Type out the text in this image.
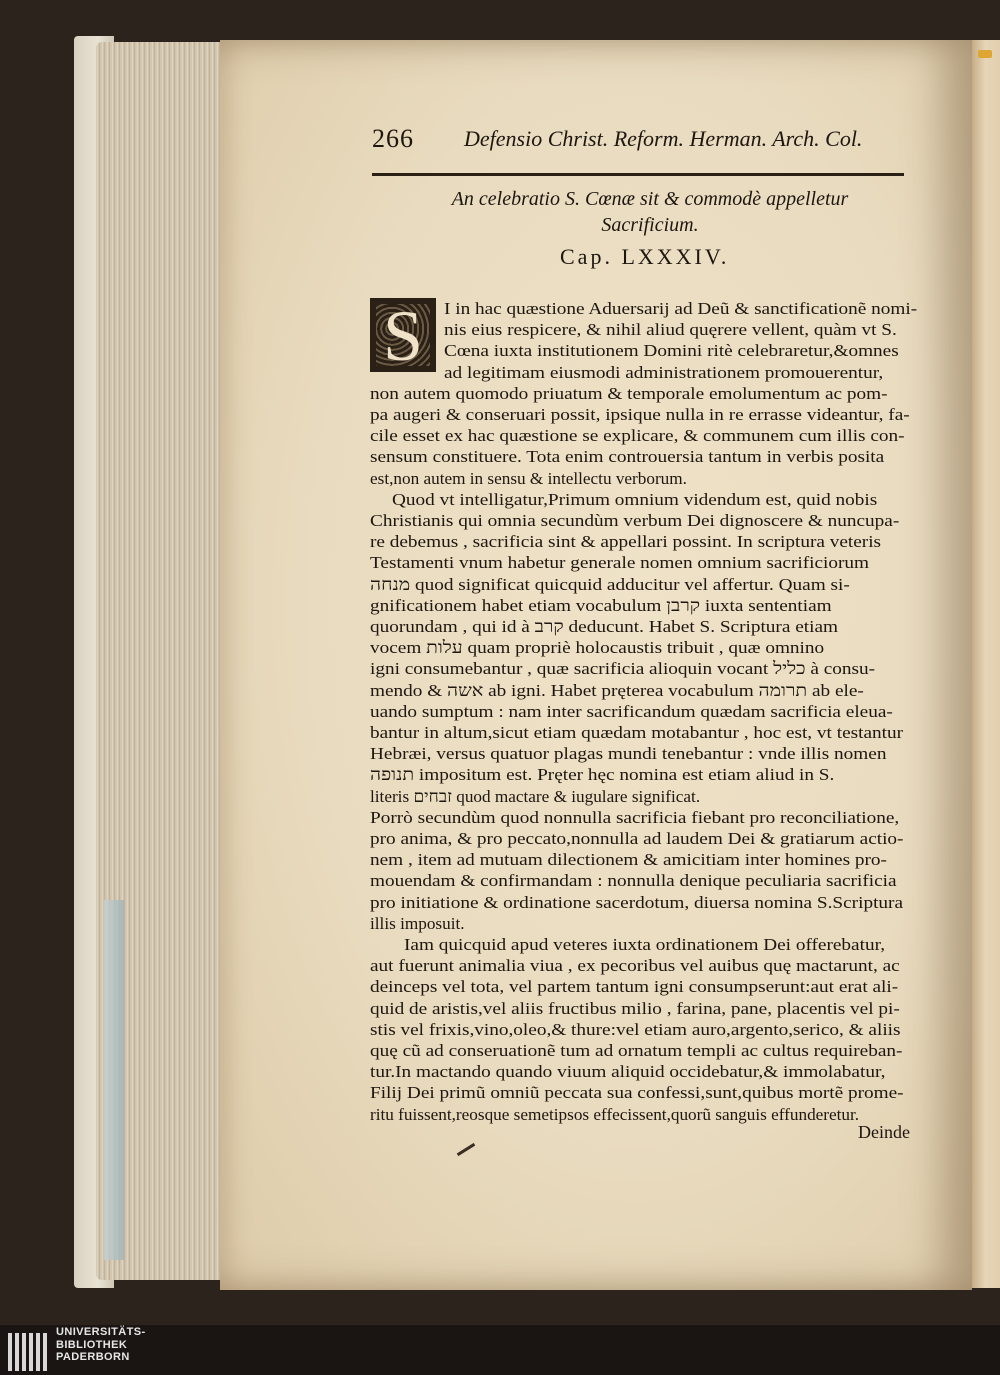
266 Defensio Christ. Reform. Herman. Arch. Col.
An celebratio S. Cœnæ sit & commodè appelletur
Sacrificium.
Cap. LXXXIV.
S	I in hac quæstione Aduersarij ad Deũ & sanctificationẽ nomi-
nis eius respicere, & nihil aliud quęrere vellent, quàm vt S.
Cœna iuxta institutionem Domini ritè celebraretur,&omnes
ad legitimam eiusmodi administrationem promouerentur,
non autem quomodo priuatum & temporale emolumentum ac pom-
pa augeri & conseruari possit, ipsique nulla in re errasse videantur, fa-
cile esset ex hac quæstione se explicare, & communem cum illis con-
sensum constituere. Tota enim controuersia tantum in verbis posita
est,non autem in sensu & intellectu verborum.
Quod vt intelligatur,Primum omnium videndum est, quid nobis
Christianis qui omnia secundùm verbum Dei dignoscere & nuncupa-
re debemus , sacrificia sint & appellari possint. In scriptura veteris
Testamenti vnum habetur generale nomen omnium sacrificiorum
מנחה quod significat quicquid adducitur vel affertur. Quam si-
gnificationem habet etiam vocabulum קרבן iuxta sententiam
quorundam , qui id à קרב deducunt. Habet S. Scriptura etiam
vocem עלות quam propriè holocaustis tribuit , quæ omnino
igni consumebantur , quæ sacrificia alioquin vocant כליל à consu-
mendo & אשה ab igni. Habet pręterea vocabulum תרומה ab ele-
uando sumptum : nam inter sacrificandum quædam sacrificia eleua-
bantur in altum,sicut etiam quædam motabantur , hoc est, vt testantur
Hebræi, versus quatuor plagas mundi tenebantur : vnde illis nomen
תנופה impositum est. Pręter hęc nomina est etiam aliud in S.
literis זבחים quod mactare & iugulare significat.
Porrò secundùm quod nonnulla sacrificia fiebant pro reconciliatione,
pro anima, & pro peccato,nonnulla ad laudem Dei & gratiarum actio-
nem , item ad mutuam dilectionem & amicitiam inter homines pro-
mouendam & confirmandam : nonnulla denique peculiaria sacrificia
pro initiatione & ordinatione sacerdotum, diuersa nomina S.Scriptura
illis imposuit.
Iam quicquid apud veteres iuxta ordinationem Dei offerebatur,
aut fuerunt animalia viua , ex pecoribus vel auibus quę mactarunt, ac
deinceps vel tota, vel partem tantum igni consumpserunt:aut erat ali-
quid de aristis,vel aliis fructibus milio , farina, pane, placentis vel pi-
stis vel frixis,vino,oleo,& thure:vel etiam auro,argento,serico, & aliis
quę cũ ad conseruationẽ tum ad ornatum templi ac cultus requireban-
tur.In mactando quando viuum aliquid occidebatur,& immolabatur,
Filij Dei primũ omniũ peccata sua confessi,sunt,quibus mortẽ prome-
ritu fuissent,reosque semetipsos effecissent,quorũ sanguis effunderetur.
Deinde
UNIVERSITÄTS-
BIBLIOTHEK
PADERBORN
